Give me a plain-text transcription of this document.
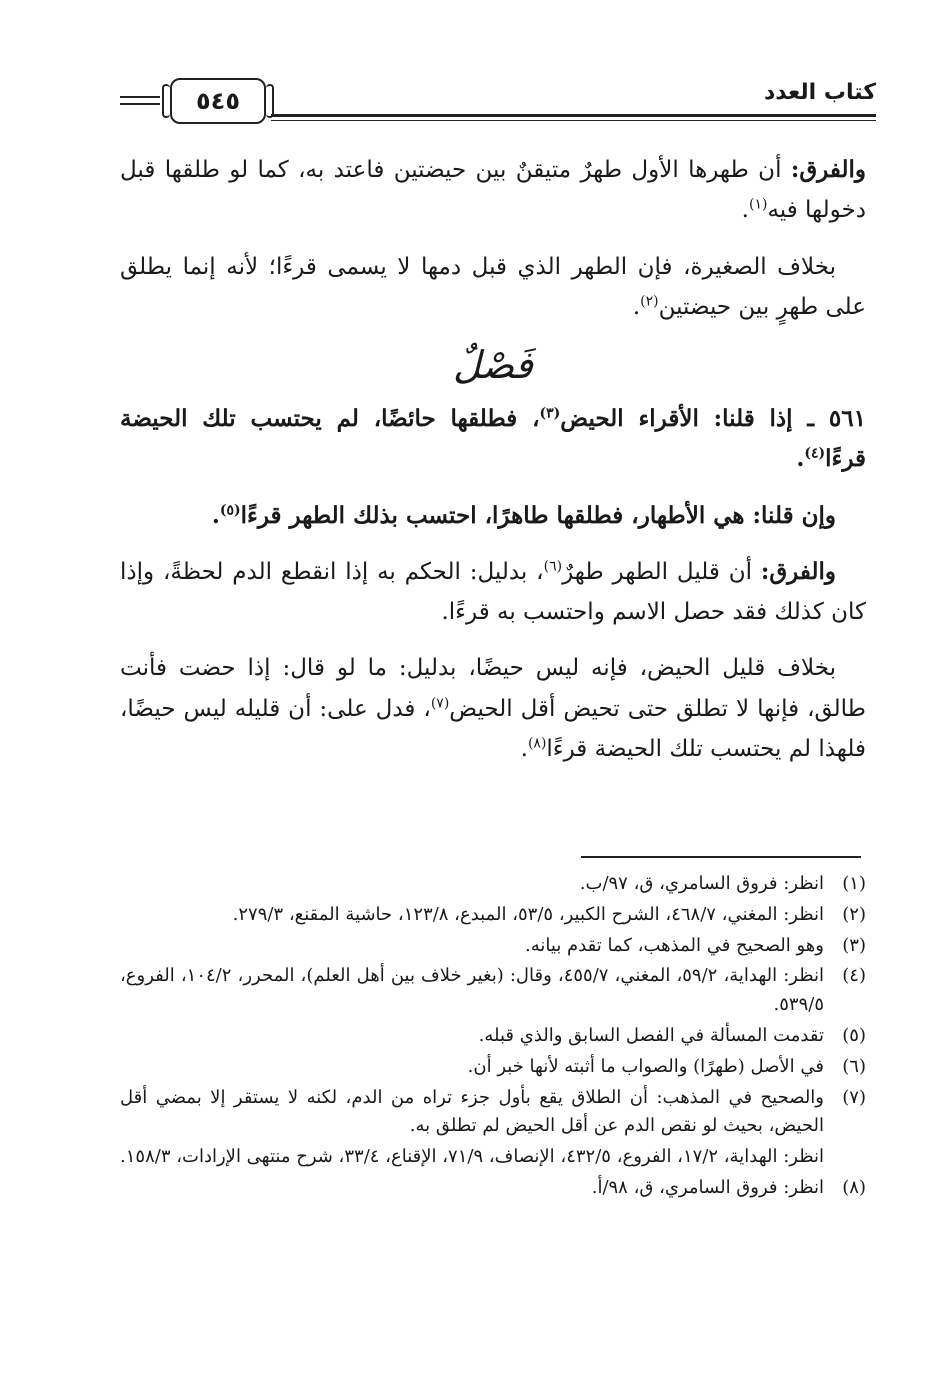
كتاب العدد
٥٤٥

والفرق: أن طهرها الأول طهرٌ متيقنٌ بين حيضتين فاعتد به، كما لو طلقها قبل دخولها فيه$^{(١)}$.

بخلاف الصغيرة، فإن الطهر الذي قبل دمها لا يسمى قرءًا؛ لأنه إنما يطلق على طهرٍ بين حيضتين$^{(٢)}$.

فَصْلٌ

٥٦١ ـ إذا قلنا: الأقراء الحيض$^{(٣)}$، فطلقها حائضًا، لم يحتسب تلك الحيضة قرءًا$^{(٤)}$.

وإن قلنا: هي الأطهار، فطلقها طاهرًا، احتسب بذلك الطهر قرءًا$^{(٥)}$.

والفرق: أن قليل الطهر طهرٌ$^{(٦)}$، بدليل: الحكم به إذا انقطع الدم لحظةً، وإذا كان كذلك فقد حصل الاسم واحتسب به قرءًا.

بخلاف قليل الحيض، فإنه ليس حيضًا، بدليل: ما لو قال: إذا حضت فأنت طالق، فإنها لا تطلق حتى تحيض أقل الحيض$^{(٧)}$، فدل على: أن قليله ليس حيضًا، فلهذا لم يحتسب تلك الحيضة قرءًا$^{(٨)}$.

(١)
انظر: فروق السامري، ق، ٩٧/ب.
(٢)
انظر: المغني، ٤٦٨/٧، الشرح الكبير، ٥٣/٥، المبدع، ١٢٣/٨، حاشية المقنع، ٢٧٩/٣.
(٣)
وهو الصحيح في المذهب، كما تقدم بيانه.
(٤)
انظر: الهداية، ٥٩/٢، المغني، ٤٥٥/٧، وقال: (بغير خلاف بين أهل العلم)، المحرر، ١٠٤/٢، الفروع، ٥٣٩/٥.
(٥)
تقدمت المسألة في الفصل السابق والذي قبله.
(٦)
في الأصل (طهرًا) والصواب ما أثبته لأنها خبر أن.
(٧)
والصحيح في المذهب: أن الطلاق يقع بأول جزء تراه من الدم، لكنه لا يستقر إلا بمضي أقل الحيض، بحيث لو نقص الدم عن أقل الحيض لم تطلق به.
انظر: الهداية، ١٧/٢، الفروع، ٤٣٢/٥، الإنصاف، ٧١/٩، الإقناع، ٣٣/٤، شرح منتهى الإرادات، ١٥٨/٣.
(٨)
انظر: فروق السامري، ق، ٩٨/أ.
